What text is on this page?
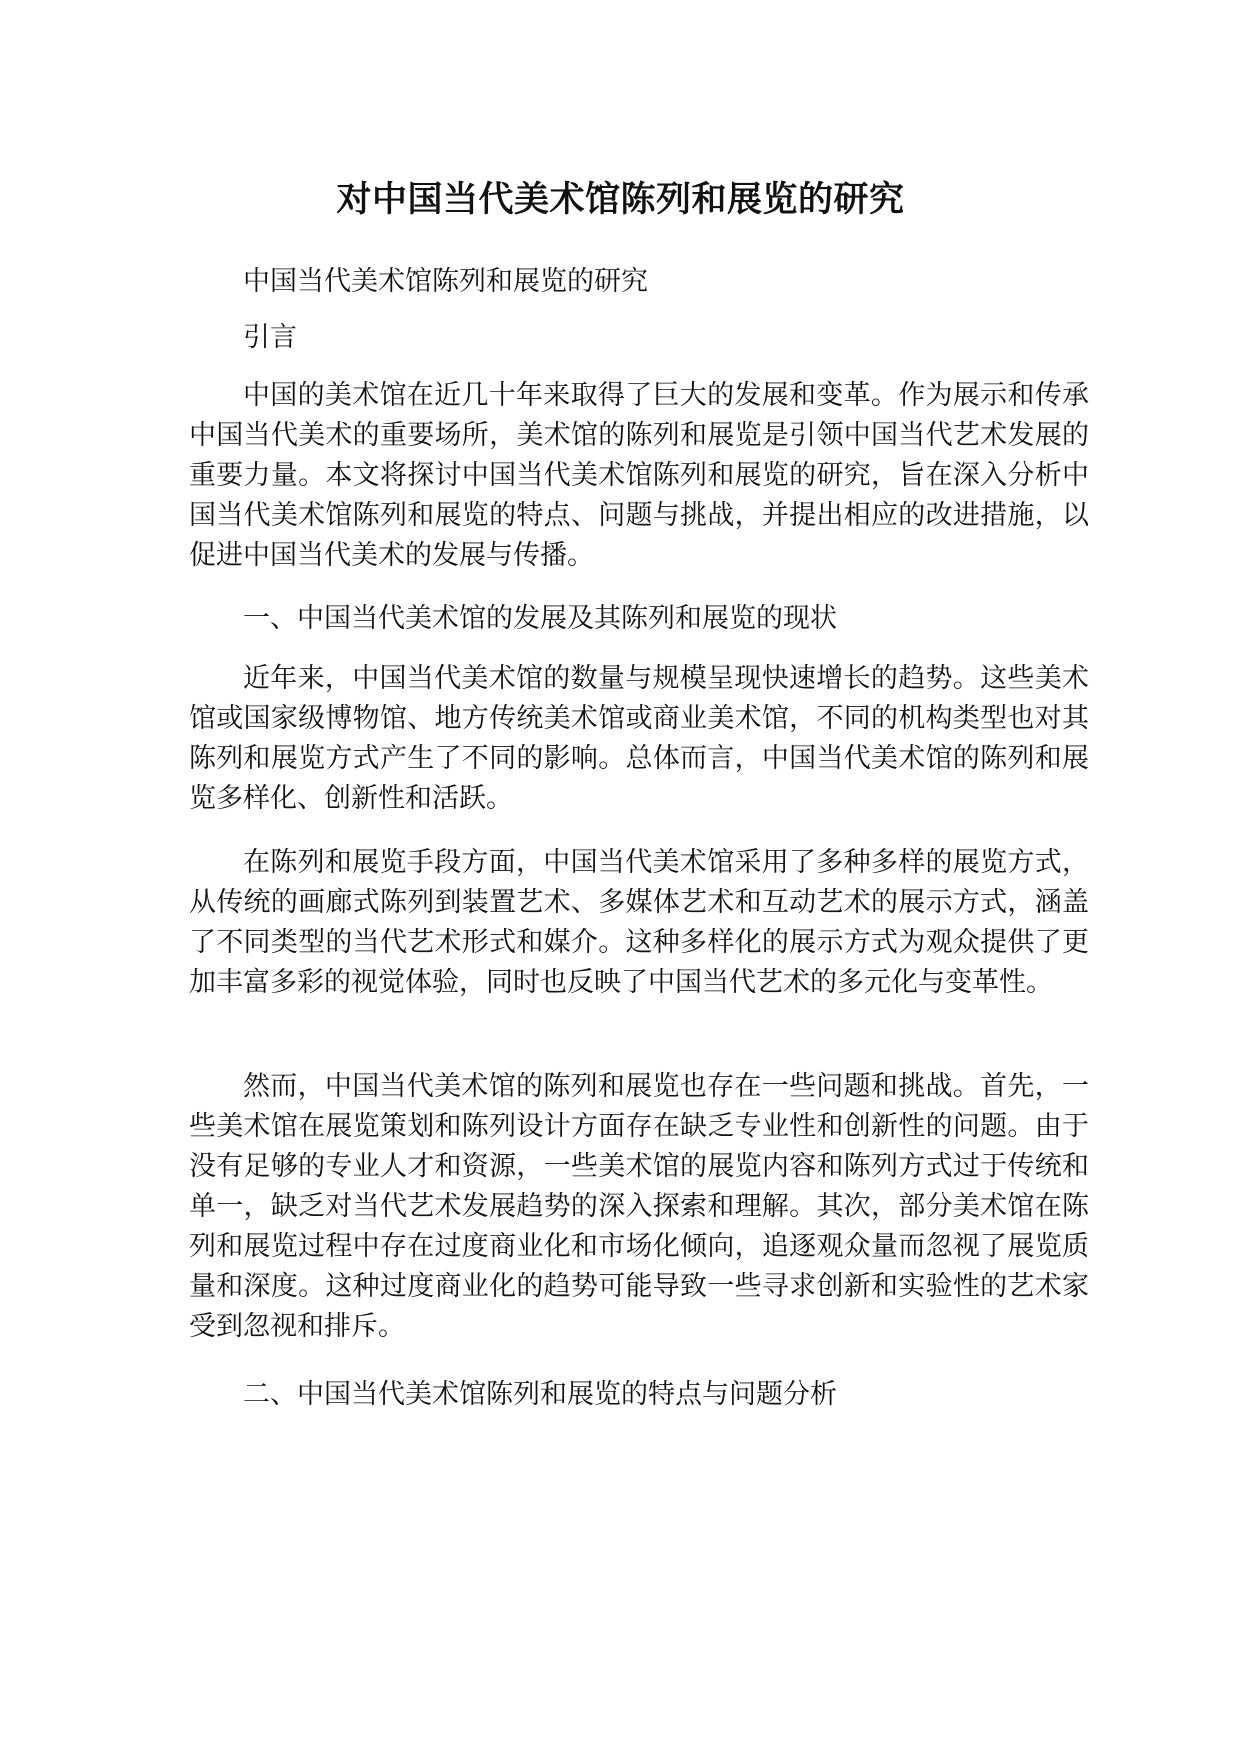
对中国当代美术馆陈列和展览的研究

中国当代美术馆陈列和展览的研究

引言

中国的美术馆在近几十年来取得了巨大的发展和变革。作为展示和传承中国当代美术的重要场所，美术馆的陈列和展览是引领中国当代艺术发展的重要力量。本文将探讨中国当代美术馆陈列和展览的研究，旨在深入分析中国当代美术馆陈列和展览的特点、问题与挑战，并提出相应的改进措施，以促进中国当代美术的发展与传播。

一、中国当代美术馆的发展及其陈列和展览的现状

近年来，中国当代美术馆的数量与规模呈现快速增长的趋势。这些美术馆或国家级博物馆、地方传统美术馆或商业美术馆，不同的机构类型也对其陈列和展览方式产生了不同的影响。总体而言，中国当代美术馆的陈列和展览多样化、创新性和活跃。

在陈列和展览手段方面，中国当代美术馆采用了多种多样的展览方式，从传统的画廊式陈列到装置艺术、多媒体艺术和互动艺术的展示方式，涵盖了不同类型的当代艺术形式和媒介。这种多样化的展示方式为观众提供了更加丰富多彩的视觉体验，同时也反映了中国当代艺术的多元化与变革性。

然而，中国当代美术馆的陈列和展览也存在一些问题和挑战。首先，一些美术馆在展览策划和陈列设计方面存在缺乏专业性和创新性的问题。由于没有足够的专业人才和资源，一些美术馆的展览内容和陈列方式过于传统和单一，缺乏对当代艺术发展趋势的深入探索和理解。其次，部分美术馆在陈列和展览过程中存在过度商业化和市场化倾向，追逐观众量而忽视了展览质量和深度。这种过度商业化的趋势可能导致一些寻求创新和实验性的艺术家受到忽视和排斥。

二、中国当代美术馆陈列和展览的特点与问题分析
